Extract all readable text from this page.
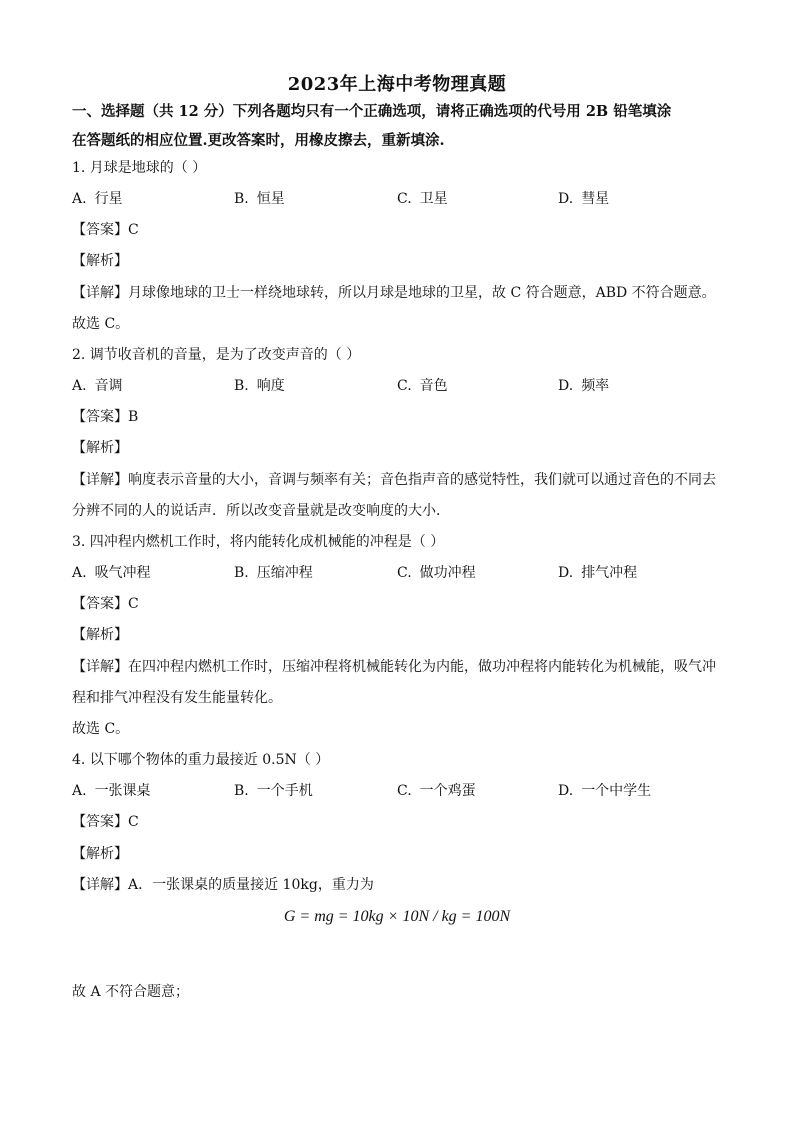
2023年上海中考物理真题
一、选择题（共 12 分）下列各题均只有一个正确选项，请将正确选项的代号用 2B 铅笔填涂
在答题纸的相应位置.更改答案时，用橡皮擦去，重新填涂.
1. 月球是地球的（ ）
A. 行星	B. 恒星	C. 卫星	D. 彗星
【答案】C
【解析】
【详解】月球像地球的卫士一样绕地球转，所以月球是地球的卫星，故 C 符合题意，ABD 不符合题意。
故选 C。
2. 调节收音机的音量，是为了改变声音的（ ）
A. 音调	B. 响度	C. 音色	D. 频率
【答案】B
【解析】
【详解】响度表示音量的大小，音调与频率有关；音色指声音的感觉特性，我们就可以通过音色的不同去
分辨不同的人的说话声．所以改变音量就是改变响度的大小．
3. 四冲程内燃机工作时，将内能转化成机械能的冲程是（ ）
A. 吸气冲程	B. 压缩冲程	C. 做功冲程	D. 排气冲程
【答案】C
【解析】
【详解】在四冲程内燃机工作时，压缩冲程将机械能转化为内能，做功冲程将内能转化为机械能，吸气冲
程和排气冲程没有发生能量转化。
故选 C。
4. 以下哪个物体的重力最接近 0.5N（ ）
A. 一张课桌	B. 一个手机	C. 一个鸡蛋	D. 一个中学生
【答案】C
【解析】
【详解】A．一张课桌的质量接近 10kg，重力为
G = mg = 10kg × 10N / kg = 100N
故 A 不符合题意；
